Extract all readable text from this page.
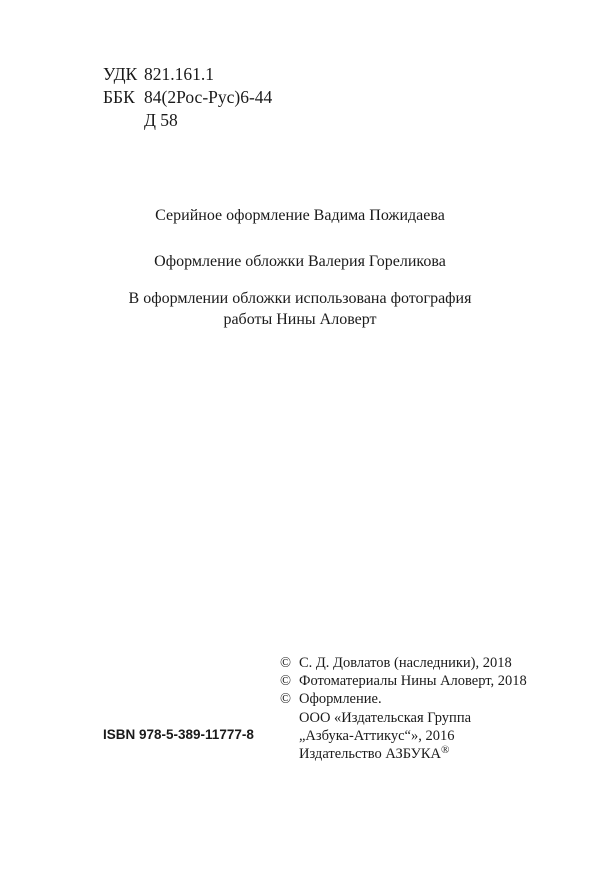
УДК 821.161.1
ББК 84(2Рос-Рус)6-44
Д 58
Серийное оформление Вадима Пожидаева
Оформление обложки Валерия Гореликова
В оформлении обложки использована фотография
работы Нины Аловерт
© С. Д. Довлатов (наследники), 2018
© Фотоматериалы Нины Аловерт, 2018
© Оформление.
ООО «Издательская Группа
„Азбука-Аттикус“», 2016
Издательство АЗБУКА®
ISBN 978-5-389-11777-8
